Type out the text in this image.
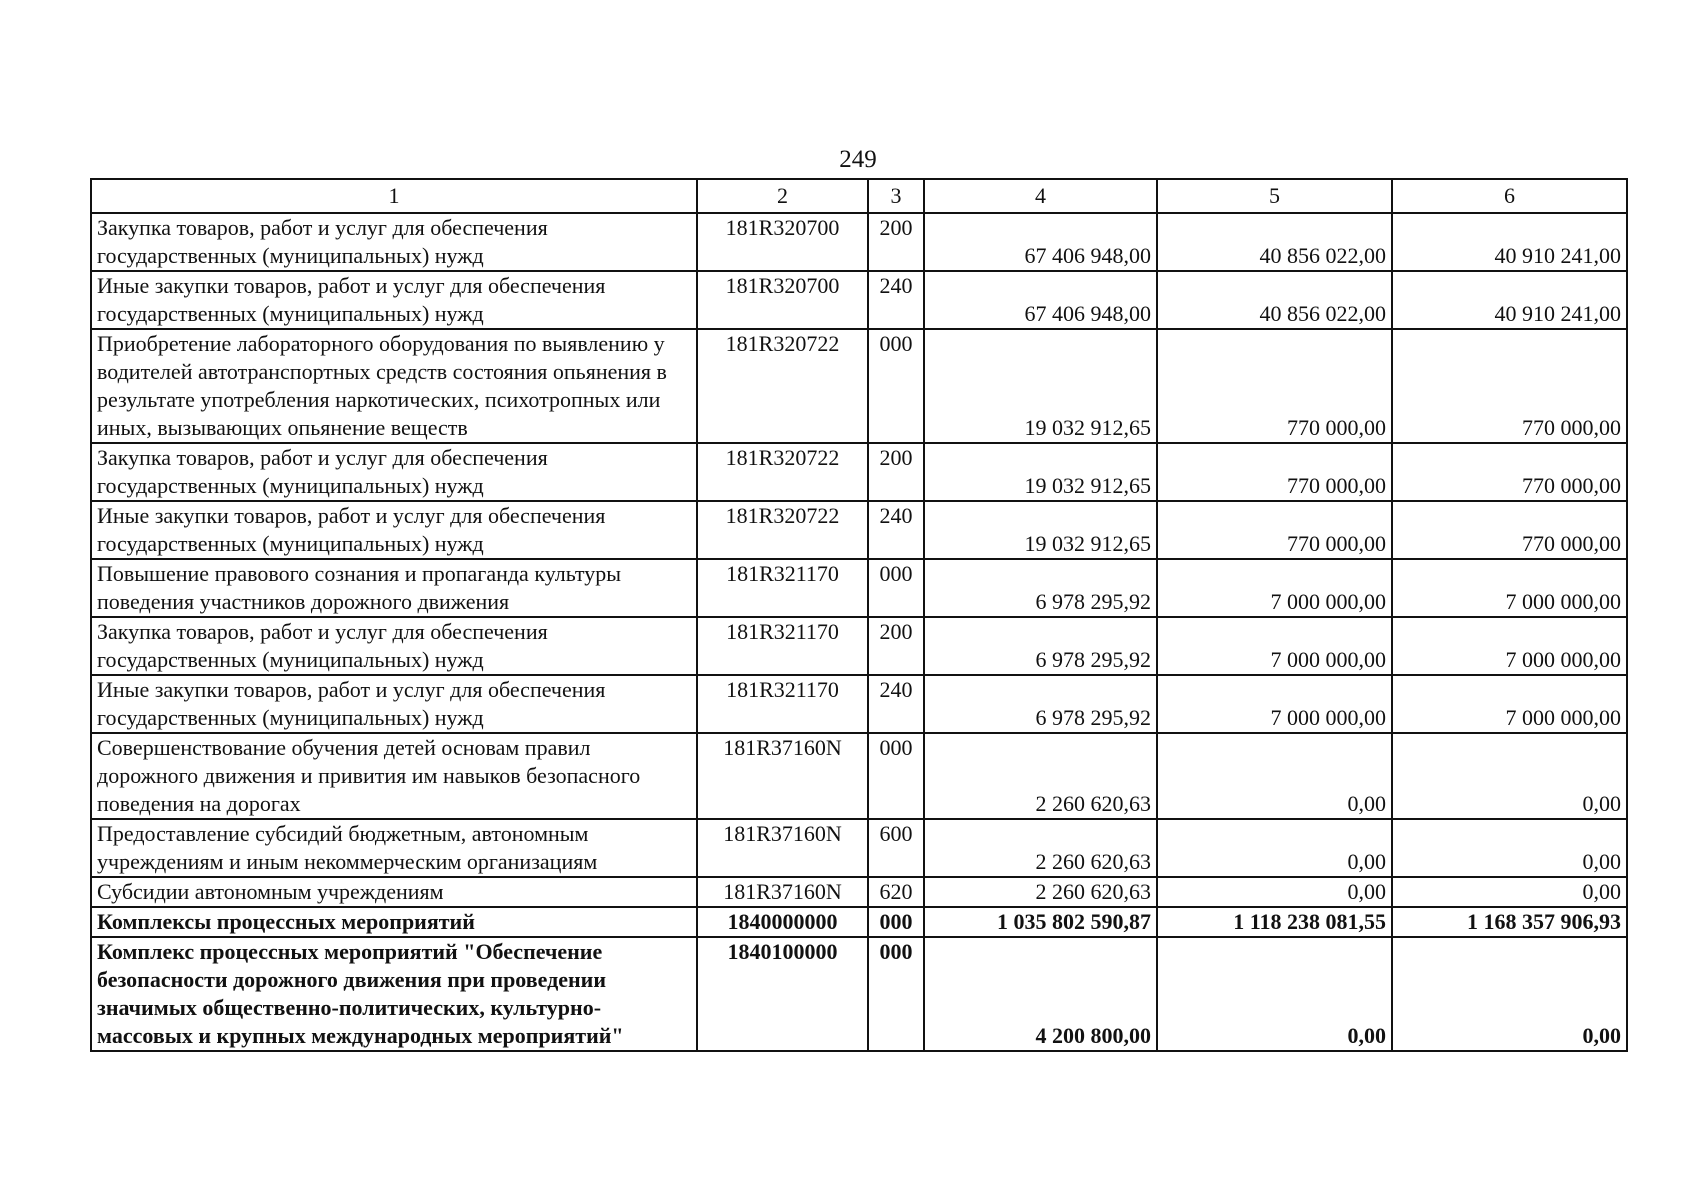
249
1	2	3	4	5	6
Закупка товаров, работ и услуг для обеспечения государственных (муниципальных) нужд	181R320700	200	67 406 948,00	40 856 022,00	40 910 241,00
Иные закупки товаров, работ и услуг для обеспечения государственных (муниципальных) нужд	181R320700	240	67 406 948,00	40 856 022,00	40 910 241,00
Приобретение лабораторного оборудования по выявлению у водителей автотранспортных средств состояния опьянения в результате употребления наркотических, психотропных или иных, вызывающих опьянение веществ	181R320722	000	19 032 912,65	770 000,00	770 000,00
Закупка товаров, работ и услуг для обеспечения государственных (муниципальных) нужд	181R320722	200	19 032 912,65	770 000,00	770 000,00
Иные закупки товаров, работ и услуг для обеспечения государственных (муниципальных) нужд	181R320722	240	19 032 912,65	770 000,00	770 000,00
Повышение правового сознания и пропаганда культуры поведения участников дорожного движения	181R321170	000	6 978 295,92	7 000 000,00	7 000 000,00
Закупка товаров, работ и услуг для обеспечения государственных (муниципальных) нужд	181R321170	200	6 978 295,92	7 000 000,00	7 000 000,00
Иные закупки товаров, работ и услуг для обеспечения государственных (муниципальных) нужд	181R321170	240	6 978 295,92	7 000 000,00	7 000 000,00
Совершенствование обучения детей основам правил дорожного движения и привития им навыков безопасного поведения на дорогах	181R37160N	000	2 260 620,63	0,00	0,00
Предоставление субсидий бюджетным, автономным учреждениям и иным некоммерческим организациям	181R37160N	600	2 260 620,63	0,00	0,00
Субсидии автономным учреждениям	181R37160N	620	2 260 620,63	0,00	0,00
Комплексы процессных мероприятий	1840000000	000	1 035 802 590,87	1 118 238 081,55	1 168 357 906,93
Комплекс процессных мероприятий "Обеспечение безопасности дорожного движения при проведении значимых общественно-политических, культурно-массовых и крупных международных мероприятий"	1840100000	000	4 200 800,00	0,00	0,00
